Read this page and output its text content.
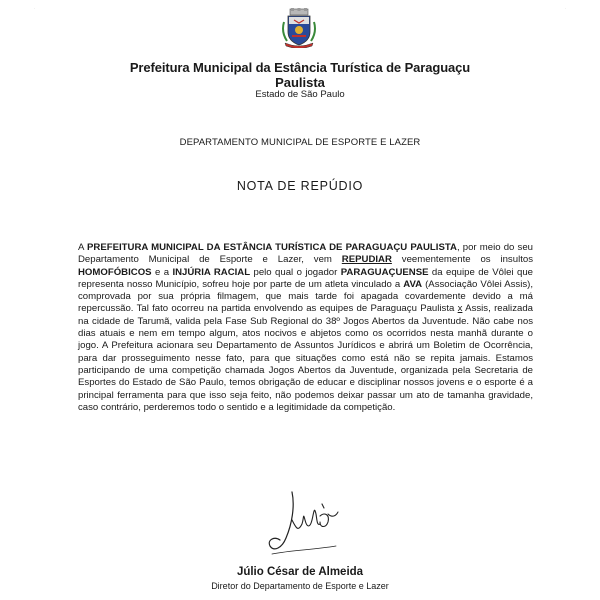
·	·
Prefeitura Municipal da Estância Turística de Paraguaçu
Paulista
Estado de São Paulo
DEPARTAMENTO MUNICIPAL DE ESPORTE E LAZER
NOTA DE REPÚDIO
A PREFEITURA MUNICIPAL DA ESTÂNCIA TURÍSTICA DE PARAGUAÇU PAULISTA, por meio do seu Departamento Municipal de Esporte e Lazer, vem REPUDIAR veementemente os insultos HOMOFÓBICOS e a INJÚRIA RACIAL pelo qual o jogador PARAGUAÇUENSE da equipe de Vôlei que representa nosso Município, sofreu hoje por parte de um atleta vinculado a AVA (Associação Vôlei Assis), comprovada por sua própria filmagem, que mais tarde foi apagada covardemente devido a má repercussão. Tal fato ocorreu na partida envolvendo as equipes de Paraguaçu Paulista x Assis, realizada na cidade de Tarumã, valida pela Fase Sub Regional do 38º Jogos Abertos da Juventude. Não cabe nos dias atuais e nem em tempo algum, atos nocivos e abjetos como os ocorridos nesta manhã durante o jogo. A Prefeitura acionara seu Departamento de Assuntos Jurídicos e abrirá um Boletim de Ocorrência, para dar prosseguimento nesse fato, para que situações como está não se repita jamais. Estamos participando de uma competição chamada Jogos Abertos da Juventude, organizada pela Secretaria de Esportes do Estado de São Paulo, temos obrigação de educar e disciplinar nossos jovens e o esporte é a principal ferramenta para que isso seja feito, não podemos deixar passar um ato de tamanha gravidade, caso contrário, perderemos todo o sentido e a legitimidade da competição.
Júlio César de Almeida
Diretor do Departamento de Esporte e Lazer
